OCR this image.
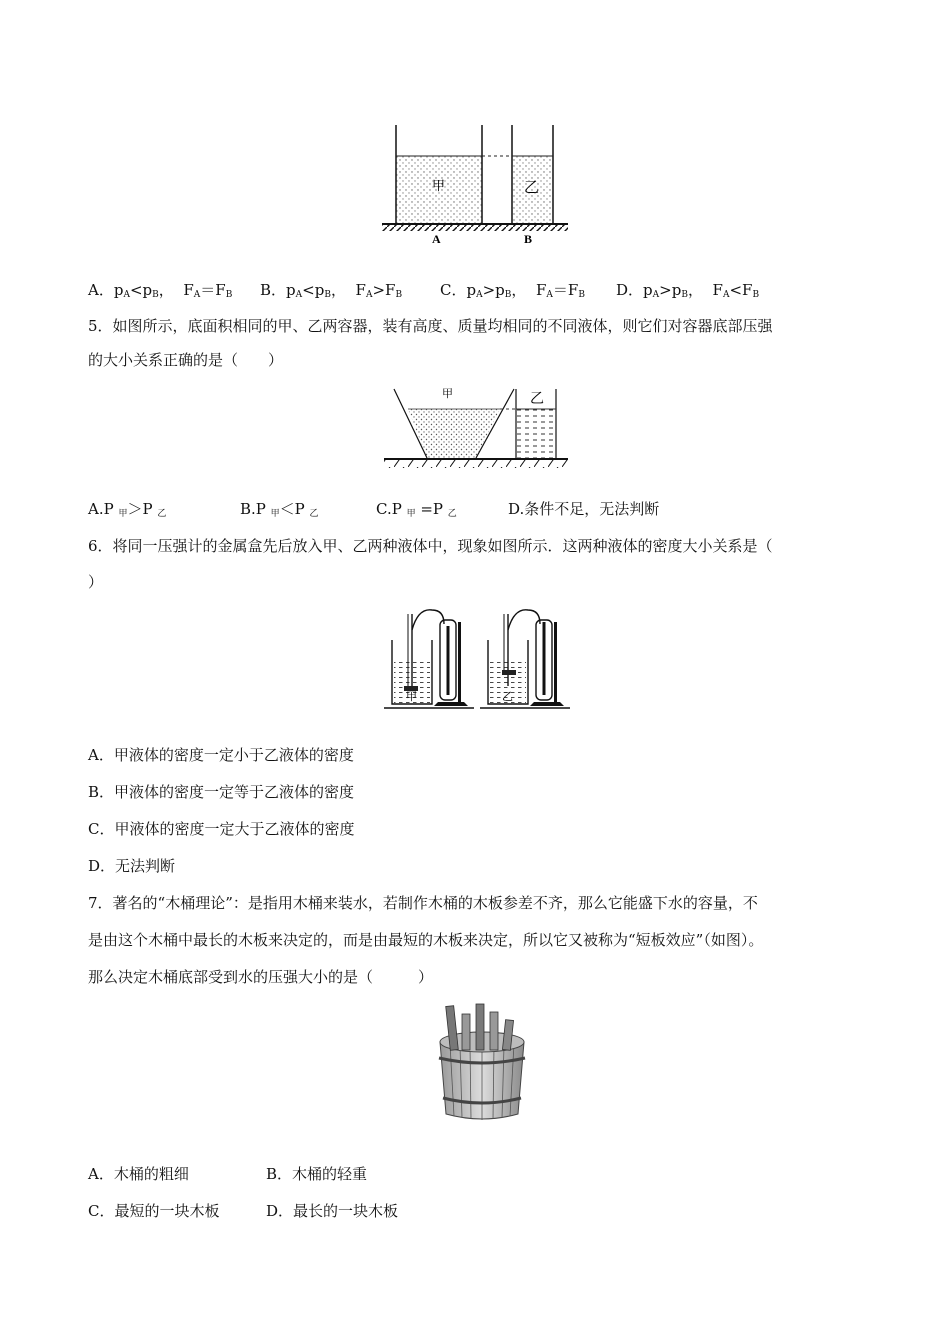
甲	乙
A	B
A．$p_A<p_B$， $F_A=F_B$ B．$p_A<p_B$， $F_A>F_B$	C．$p_A>p_B$， $F_A=F_B$ D．$p_A>p_B$， $F_A<F_B$
5．如图所示，底面积相同的甲、乙两容器，装有高度、质量均相同的不同液体，则它们对容器底部压强
的大小关系正确的是（　　）
甲	乙
A.P $_甲$＞P $_乙$	B.P $_甲$＜P $_乙$	C.P $_甲$ =P $_乙$	D.条件不足，无法判断
6．将同一压强计的金属盒先后放入甲、乙两种液体中，现象如图所示．这两种液体的密度大小关系是（
）
甲	乙
A．甲液体的密度一定小于乙液体的密度
B．甲液体的密度一定等于乙液体的密度
C．甲液体的密度一定大于乙液体的密度
D．无法判断
7．著名的“木桶理论”：是指用木桶来装水，若制作木桶的木板参差不齐，那么它能盛下水的容量，不
是由这个木桶中最长的木板来决定的，而是由最短的木板来决定，所以它又被称为“短板效应”（如图）。
那么决定木桶底部受到水的压强大小的是（　　　）
A．木桶的粗细	B．木桶的轻重
C．最短的一块木板	D．最长的一块木板
